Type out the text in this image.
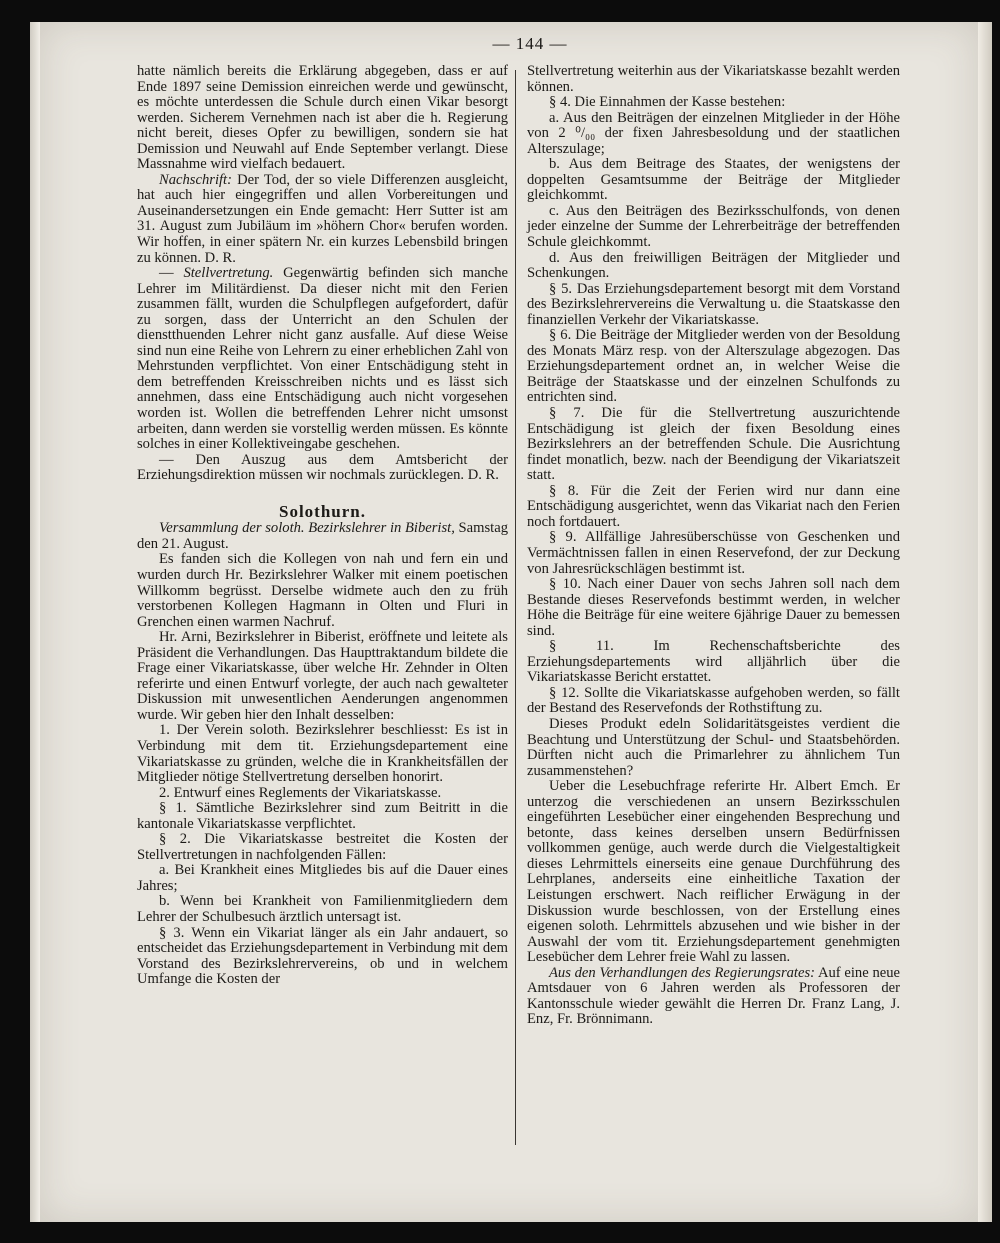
— 144 —

hatte nämlich bereits die Erklärung abgegeben, dass er auf Ende 1897 seine Demission einreichen werde und gewünscht, es möchte unterdessen die Schule durch einen Vikar besorgt werden. Sicherem Vernehmen nach ist aber die h. Regierung nicht bereit, dieses Opfer zu bewilligen, sondern sie hat Demission und Neuwahl auf Ende September verlangt. Diese Massnahme wird vielfach bedauert.

Nachschrift: Der Tod, der so viele Differenzen ausgleicht, hat auch hier eingegriffen und allen Vorbereitungen und Auseinandersetzungen ein Ende gemacht: Herr Sutter ist am 31. August zum Jubiläum im »höhern Chor« berufen worden. Wir hoffen, in einer spätern Nr. ein kurzes Lebensbild bringen zu können. D. R.

— Stellvertretung. Gegenwärtig befinden sich manche Lehrer im Militärdienst. Da dieser nicht mit den Ferien zusammen fällt, wurden die Schulpflegen aufgefordert, dafür zu sorgen, dass der Unterricht an den Schulen der dienstthuenden Lehrer nicht ganz ausfalle. Auf diese Weise sind nun eine Reihe von Lehrern zu einer erheblichen Zahl von Mehrstunden verpflichtet. Von einer Entschädigung steht in dem betreffenden Kreisschreiben nichts und es lässt sich annehmen, dass eine Entschädigung auch nicht vorgesehen worden ist. Wollen die betreffenden Lehrer nicht umsonst arbeiten, dann werden sie vorstellig werden müssen. Es könnte solches in einer Kollektiveingabe geschehen.

— Den Auszug aus dem Amtsbericht der Erziehungsdirektion müssen wir nochmals zurücklegen. D. R.

Solothurn.

Versammlung der soloth. Bezirkslehrer in Biberist, Samstag den 21. August.

Es fanden sich die Kollegen von nah und fern ein und wurden durch Hr. Bezirkslehrer Walker mit einem poetischen Willkomm begrüsst. Derselbe widmete auch den zu früh verstorbenen Kollegen Hagmann in Olten und Fluri in Grenchen einen warmen Nachruf.

Hr. Arni, Bezirkslehrer in Biberist, eröffnete und leitete als Präsident die Verhandlungen. Das Haupttraktandum bildete die Frage einer Vikariatskasse, über welche Hr. Zehnder in Olten referirte und einen Entwurf vorlegte, der auch nach gewalteter Diskussion mit unwesentlichen Aenderungen angenommen wurde. Wir geben hier den Inhalt desselben:

1. Der Verein soloth. Bezirkslehrer beschliesst: Es ist in Verbindung mit dem tit. Erziehungsdepartement eine Vikariatskasse zu gründen, welche die in Krankheitsfällen der Mitglieder nötige Stellvertretung derselben honorirt.

2. Entwurf eines Reglements der Vikariatskasse.

§ 1. Sämtliche Bezirkslehrer sind zum Beitritt in die kantonale Vikariatskasse verpflichtet.

§ 2. Die Vikariatskasse bestreitet die Kosten der Stellvertretungen in nachfolgenden Fällen:

a. Bei Krankheit eines Mitgliedes bis auf die Dauer eines Jahres;

b. Wenn bei Krankheit von Familienmitgliedern dem Lehrer der Schulbesuch ärztlich untersagt ist.

§ 3. Wenn ein Vikariat länger als ein Jahr andauert, so entscheidet das Erziehungsdepartement in Verbindung mit dem Vorstand des Bezirkslehrervereins, ob und in welchem Umfange die Kosten der

Stellvertretung weiterhin aus der Vikariatskasse bezahlt werden können.

§ 4. Die Einnahmen der Kasse bestehen:

a. Aus den Beiträgen der einzelnen Mitglieder in der Höhe von 2 ⁰/₀₀ der fixen Jahresbesoldung und der staatlichen Alterszulage;

b. Aus dem Beitrage des Staates, der wenigstens der doppelten Gesamtsumme der Beiträge der Mitglieder gleichkommt.

c. Aus den Beiträgen des Bezirksschulfonds, von denen jeder einzelne der Summe der Lehrerbeiträge der betreffenden Schule gleichkommt.

d. Aus den freiwilligen Beiträgen der Mitglieder und Schenkungen.

§ 5. Das Erziehungsdepartement besorgt mit dem Vorstand des Bezirkslehrervereins die Verwaltung u. die Staatskasse den finanziellen Verkehr der Vikariatskasse.

§ 6. Die Beiträge der Mitglieder werden von der Besoldung des Monats März resp. von der Alterszulage abgezogen. Das Erziehungsdepartement ordnet an, in welcher Weise die Beiträge der Staatskasse und der einzelnen Schulfonds zu entrichten sind.

§ 7. Die für die Stellvertretung auszurichtende Entschädigung ist gleich der fixen Besoldung eines Bezirkslehrers an der betreffenden Schule. Die Ausrichtung findet monatlich, bezw. nach der Beendigung der Vikariatszeit statt.

§ 8. Für die Zeit der Ferien wird nur dann eine Entschädigung ausgerichtet, wenn das Vikariat nach den Ferien noch fortdauert.

§ 9. Allfällige Jahresüberschüsse von Geschenken und Vermächtnissen fallen in einen Reservefond, der zur Deckung von Jahresrückschlägen bestimmt ist.

§ 10. Nach einer Dauer von sechs Jahren soll nach dem Bestande dieses Reservefonds bestimmt werden, in welcher Höhe die Beiträge für eine weitere 6jährige Dauer zu bemessen sind.

§ 11. Im Rechenschaftsberichte des Erziehungsdepartements wird alljährlich über die Vikariatskasse Bericht erstattet.

§ 12. Sollte die Vikariatskasse aufgehoben werden, so fällt der Bestand des Reservefonds der Rothstiftung zu.

Dieses Produkt edeln Solidaritätsgeistes verdient die Beachtung und Unterstützung der Schul- und Staatsbehörden. Dürften nicht auch die Primarlehrer zu ähnlichem Tun zusammenstehen?

Ueber die Lesebuchfrage referirte Hr. Albert Emch. Er unterzog die verschiedenen an unsern Bezirksschulen eingeführten Lesebücher einer eingehenden Besprechung und betonte, dass keines derselben unsern Bedürfnissen vollkommen genüge, auch werde durch die Vielgestaltigkeit dieses Lehrmittels einerseits eine genaue Durchführung des Lehrplanes, anderseits eine einheitliche Taxation der Leistungen erschwert. Nach reiflicher Erwägung in der Diskussion wurde beschlossen, von der Erstellung eines eigenen soloth. Lehrmittels abzusehen und wie bisher in der Auswahl der vom tit. Erziehungsdepartement genehmigten Lesebücher dem Lehrer freie Wahl zu lassen.

Aus den Verhandlungen des Regierungsrates: Auf eine neue Amtsdauer von 6 Jahren werden als Professoren der Kantonsschule wieder gewählt die Herren Dr. Franz Lang, J. Enz, Fr. Brönnimann.
